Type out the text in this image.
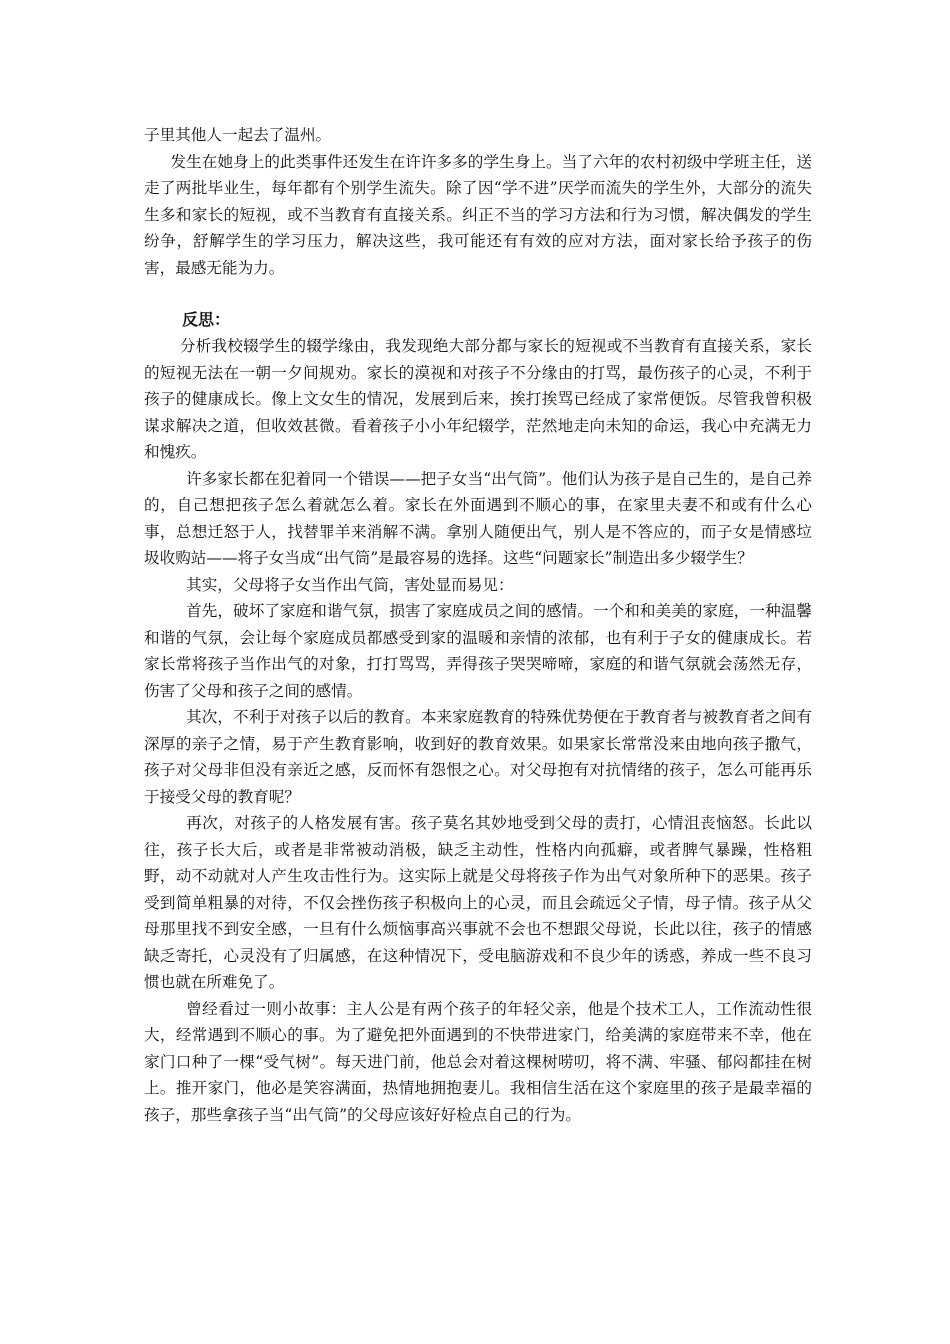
子里其他人一起去了温州。

发生在她身上的此类事件还发生在许许多多的学生身上。当了六年的农村初级中学班主任，送走了两批毕业生，每年都有个别学生流失。除了因“学不进”厌学而流失的学生外，大部分的流失生多和家长的短视，或不当教育有直接关系。纠正不当的学习方法和行为习惯，解决偶发的学生纷争，舒解学生的学习压力，解决这些，我可能还有有效的应对方法，面对家长给予孩子的伤害，最感无能为力。

反思：

分析我校辍学生的辍学缘由，我发现绝大部分都与家长的短视或不当教育有直接关系，家长的短视无法在一朝一夕间规劝。家长的漠视和对孩子不分缘由的打骂，最伤孩子的心灵，不利于孩子的健康成长。像上文女生的情况，发展到后来，挨打挨骂已经成了家常便饭。尽管我曾积极谋求解决之道，但收效甚微。看着孩子小小年纪辍学，茫然地走向未知的命运，我心中充满无力和愧疚。

许多家长都在犯着同一个错误——把子女当“出气筒”。他们认为孩子是自己生的，是自己养的，自己想把孩子怎么着就怎么着。家长在外面遇到不顺心的事，在家里夫妻不和或有什么心事，总想迁怒于人，找替罪羊来消解不满。拿别人随便出气，别人是不答应的，而子女是情感垃圾收购站——将子女当成“出气筒”是最容易的选择。这些“问题家长”制造出多少辍学生？

其实，父母将子女当作出气筒，害处显而易见：

首先，破坏了家庭和谐气氛，损害了家庭成员之间的感情。一个和和美美的家庭，一种温馨和谐的气氛，会让每个家庭成员都感受到家的温暖和亲情的浓郁，也有利于子女的健康成长。若家长常将孩子当作出气的对象，打打骂骂，弄得孩子哭哭啼啼，家庭的和谐气氛就会荡然无存，伤害了父母和孩子之间的感情。

其次，不利于对孩子以后的教育。本来家庭教育的特殊优势便在于教育者与被教育者之间有深厚的亲子之情，易于产生教育影响，收到好的教育效果。如果家长常常没来由地向孩子撒气，孩子对父母非但没有亲近之感，反而怀有怨恨之心。对父母抱有对抗情绪的孩子，怎么可能再乐于接受父母的教育呢？

再次，对孩子的人格发展有害。孩子莫名其妙地受到父母的责打，心情沮丧恼怒。长此以往，孩子长大后，或者是非常被动消极，缺乏主动性，性格内向孤癖，或者脾气暴躁，性格粗野，动不动就对人产生攻击性行为。这实际上就是父母将孩子作为出气对象所种下的恶果。孩子受到简单粗暴的对待，不仅会挫伤孩子积极向上的心灵，而且会疏远父子情，母子情。孩子从父母那里找不到安全感，一旦有什么烦恼事高兴事就不会也不想跟父母说，长此以往，孩子的情感缺乏寄托，心灵没有了归属感，在这种情况下，受电脑游戏和不良少年的诱惑，养成一些不良习惯也就在所难免了。

曾经看过一则小故事：主人公是有两个孩子的年轻父亲，他是个技术工人，工作流动性很大，经常遇到不顺心的事。为了避免把外面遇到的不快带进家门，给美满的家庭带来不幸，他在家门口种了一棵“受气树”。每天进门前，他总会对着这棵树唠叨，将不满、牢骚、郁闷都挂在树上。推开家门，他必是笑容满面，热情地拥抱妻儿。我相信生活在这个家庭里的孩子是最幸福的孩子，那些拿孩子当“出气筒”的父母应该好好检点自己的行为。
